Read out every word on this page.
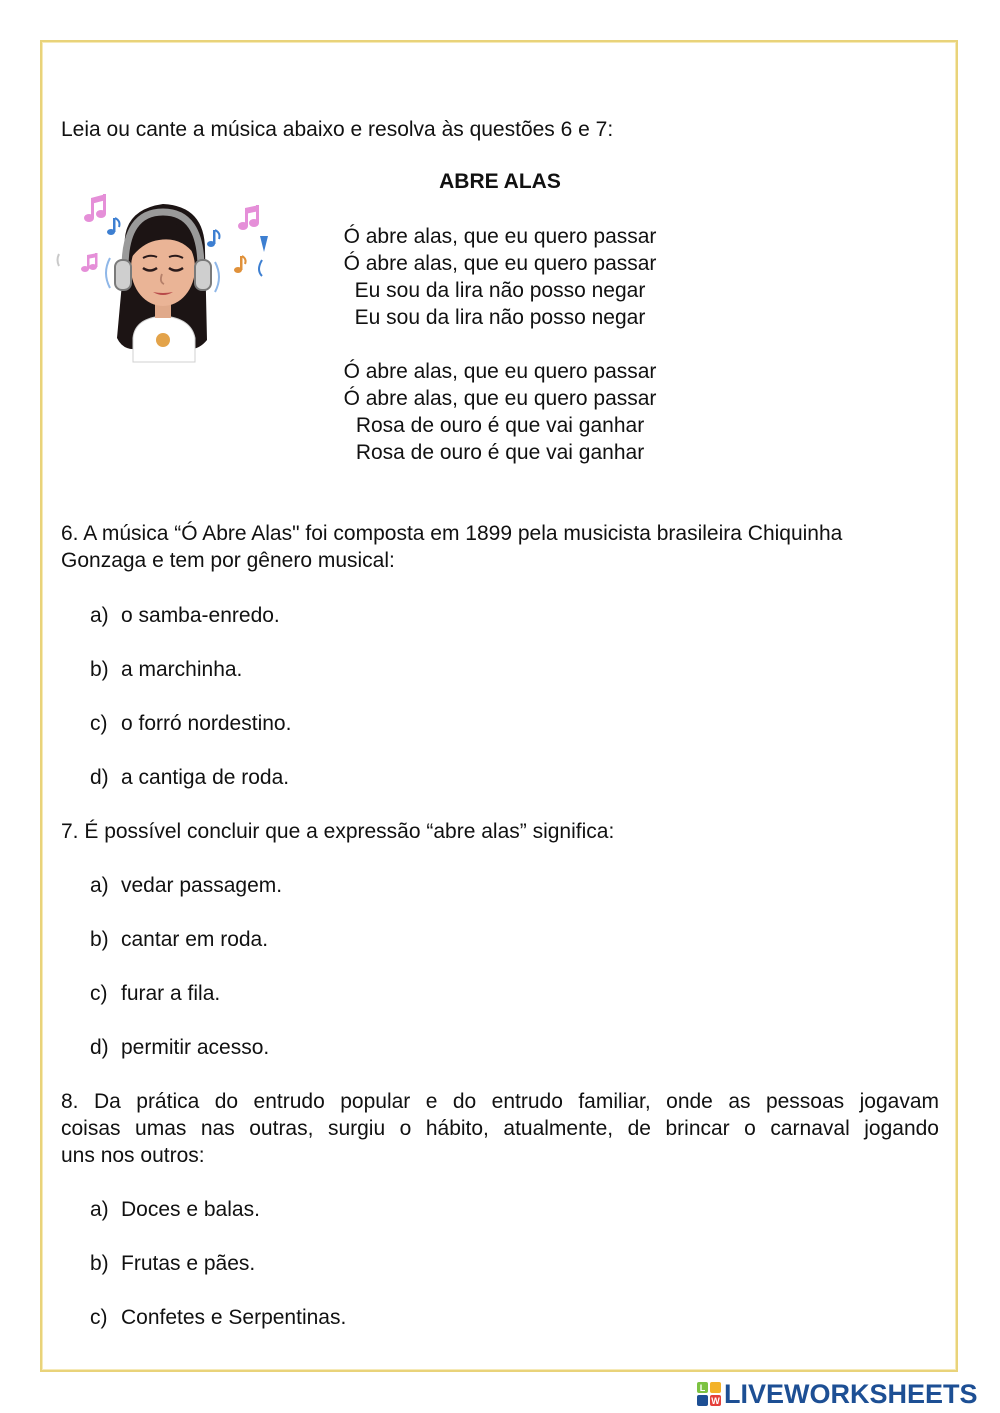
Leia ou cante a música abaixo e resolva às questões 6 e 7:
ABRE ALAS
Ó abre alas, que eu quero passar
Ó abre alas, que eu quero passar
Eu sou da lira não posso negar
Eu sou da lira não posso negar
Ó abre alas, que eu quero passar
Ó abre alas, que eu quero passar
Rosa de ouro é que vai ganhar
Rosa de ouro é que vai ganhar
6. A música “Ó Abre Alas" foi composta em 1899 pela musicista brasileira Chiquinha
Gonzaga e tem por gênero musical:
a) o samba-enredo.
b) a marchinha.
c) o forró nordestino.
d) a cantiga de roda.
7. É possível concluir que a expressão “abre alas” significa:
a) vedar passagem.
b) cantar em roda.
c) furar a fila.
d) permitir acesso.
8. Da prática do entrudo popular e do entrudo familiar, onde as pessoas jogavam
coisas umas nas outras, surgiu o hábito, atualmente, de brincar o carnaval jogando
uns nos outros:
a) Doces e balas.
b) Frutas e pães.
c) Confetes e Serpentinas.
L
W LIVEWORKSHEETS
